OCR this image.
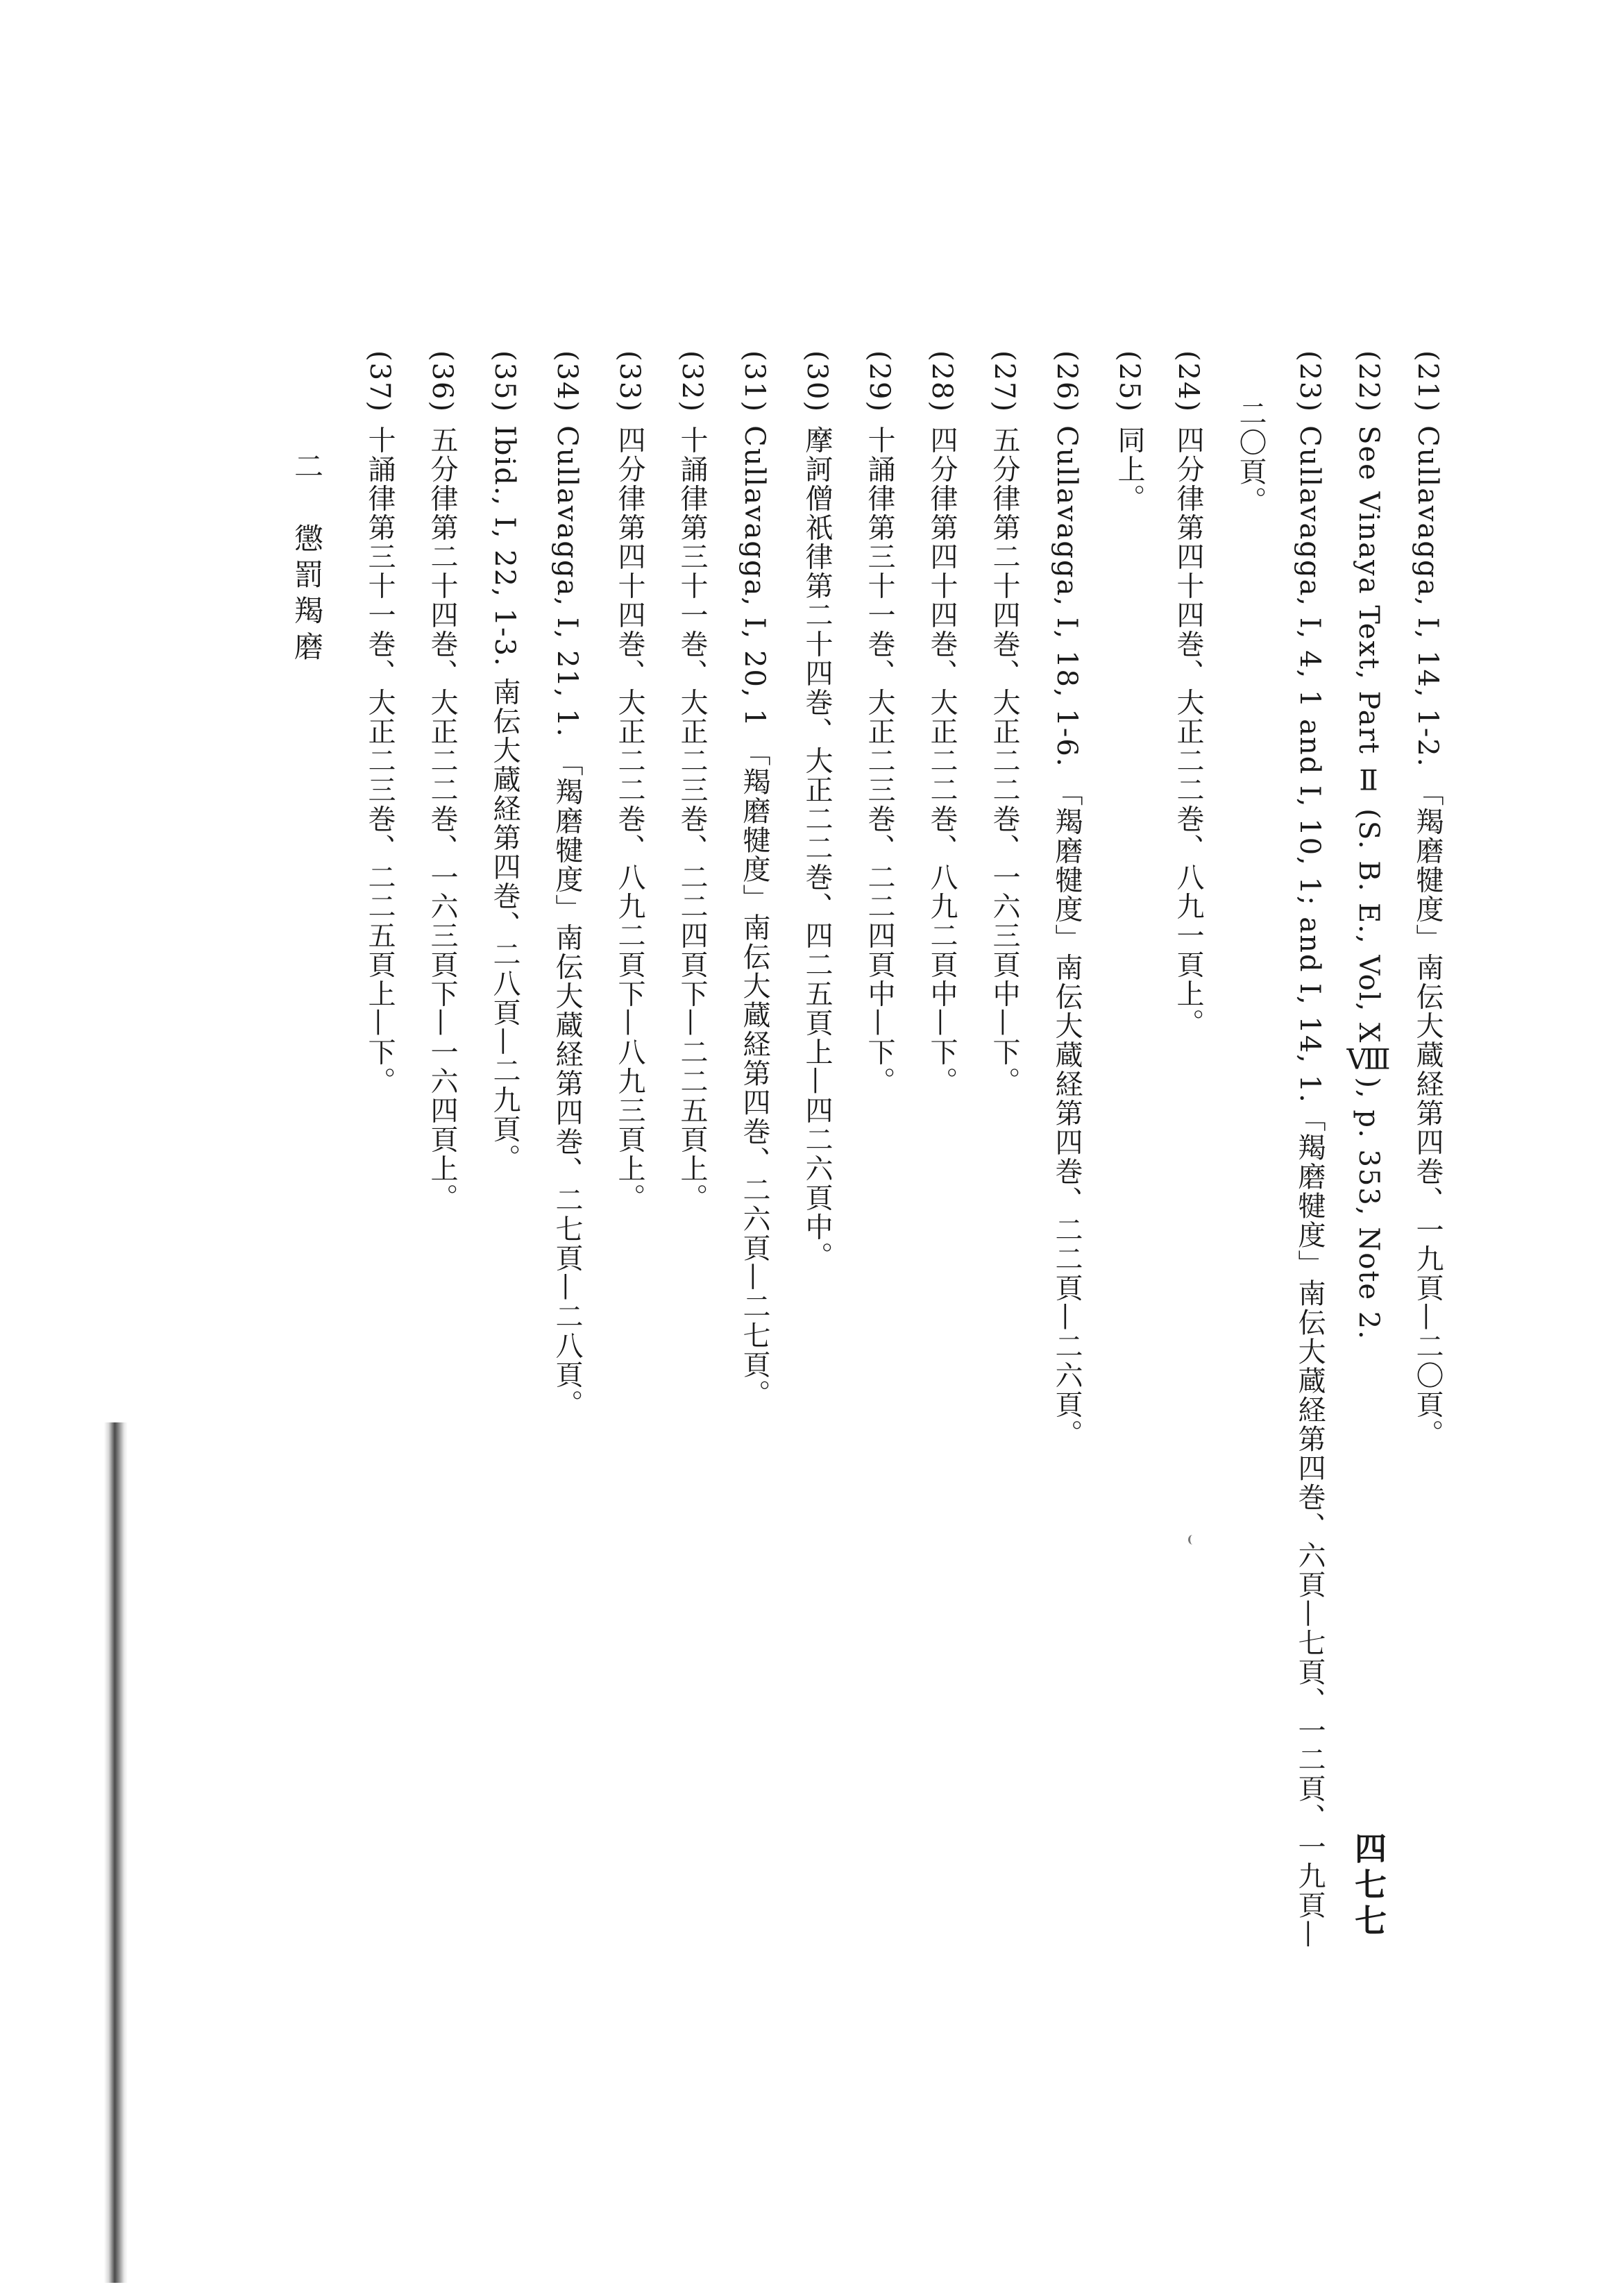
(21)Cullavagga, I, 14, 1-2. 「羯磨犍度」南伝大蔵経第四巻、一九頁—二〇頁。
(22)See Vinaya Text, Part Ⅱ (S. B. E., Vol, XⅧ), p. 353, Note 2.
(23)Cullavagga, I, 4, 1 and I, 10, 1; and I, 14, 1.「羯磨犍度」南伝大蔵経第四巻、六頁—七頁、一二頁、一九頁—
二〇頁。
(24)四分律第四十四巻、大正二二巻、八九一頁上。
(25)同上。
(26)Cullavagga, I, 18, 1-6. 「羯磨犍度」南伝大蔵経第四巻、二二頁—二六頁。
(27)五分律第二十四巻、大正二二巻、一六三頁中—下。
(28)四分律第四十四巻、大正二二巻、八九二頁中—下。
(29)十誦律第三十一巻、大正二三巻、二二四頁中—下。
(30)摩訶僧祇律第二十四巻、大正二二巻、四二五頁上—四二六頁中。
(31)Cullavagga, I, 20, 1 「羯磨犍度」南伝大蔵経第四巻、二六頁—二七頁。
(32)十誦律第三十一巻、大正二三巻、二二四頁下—二二五頁上。
(33)四分律第四十四巻、大正二二巻、八九二頁下—八九三頁上。
(34)Cullavagga, I, 21, 1. 「羯磨犍度」南伝大蔵経第四巻、二七頁—二八頁。
(35)Ibid., I, 22, 1-3. 南伝大蔵経第四巻、二八頁—二九頁。
(36)五分律第二十四巻、大正二二巻、一六三頁下—一六四頁上。
(37)十誦律第三十一巻、大正二三巻、二二五頁上—下。
二　懲罰羯磨
四七七
